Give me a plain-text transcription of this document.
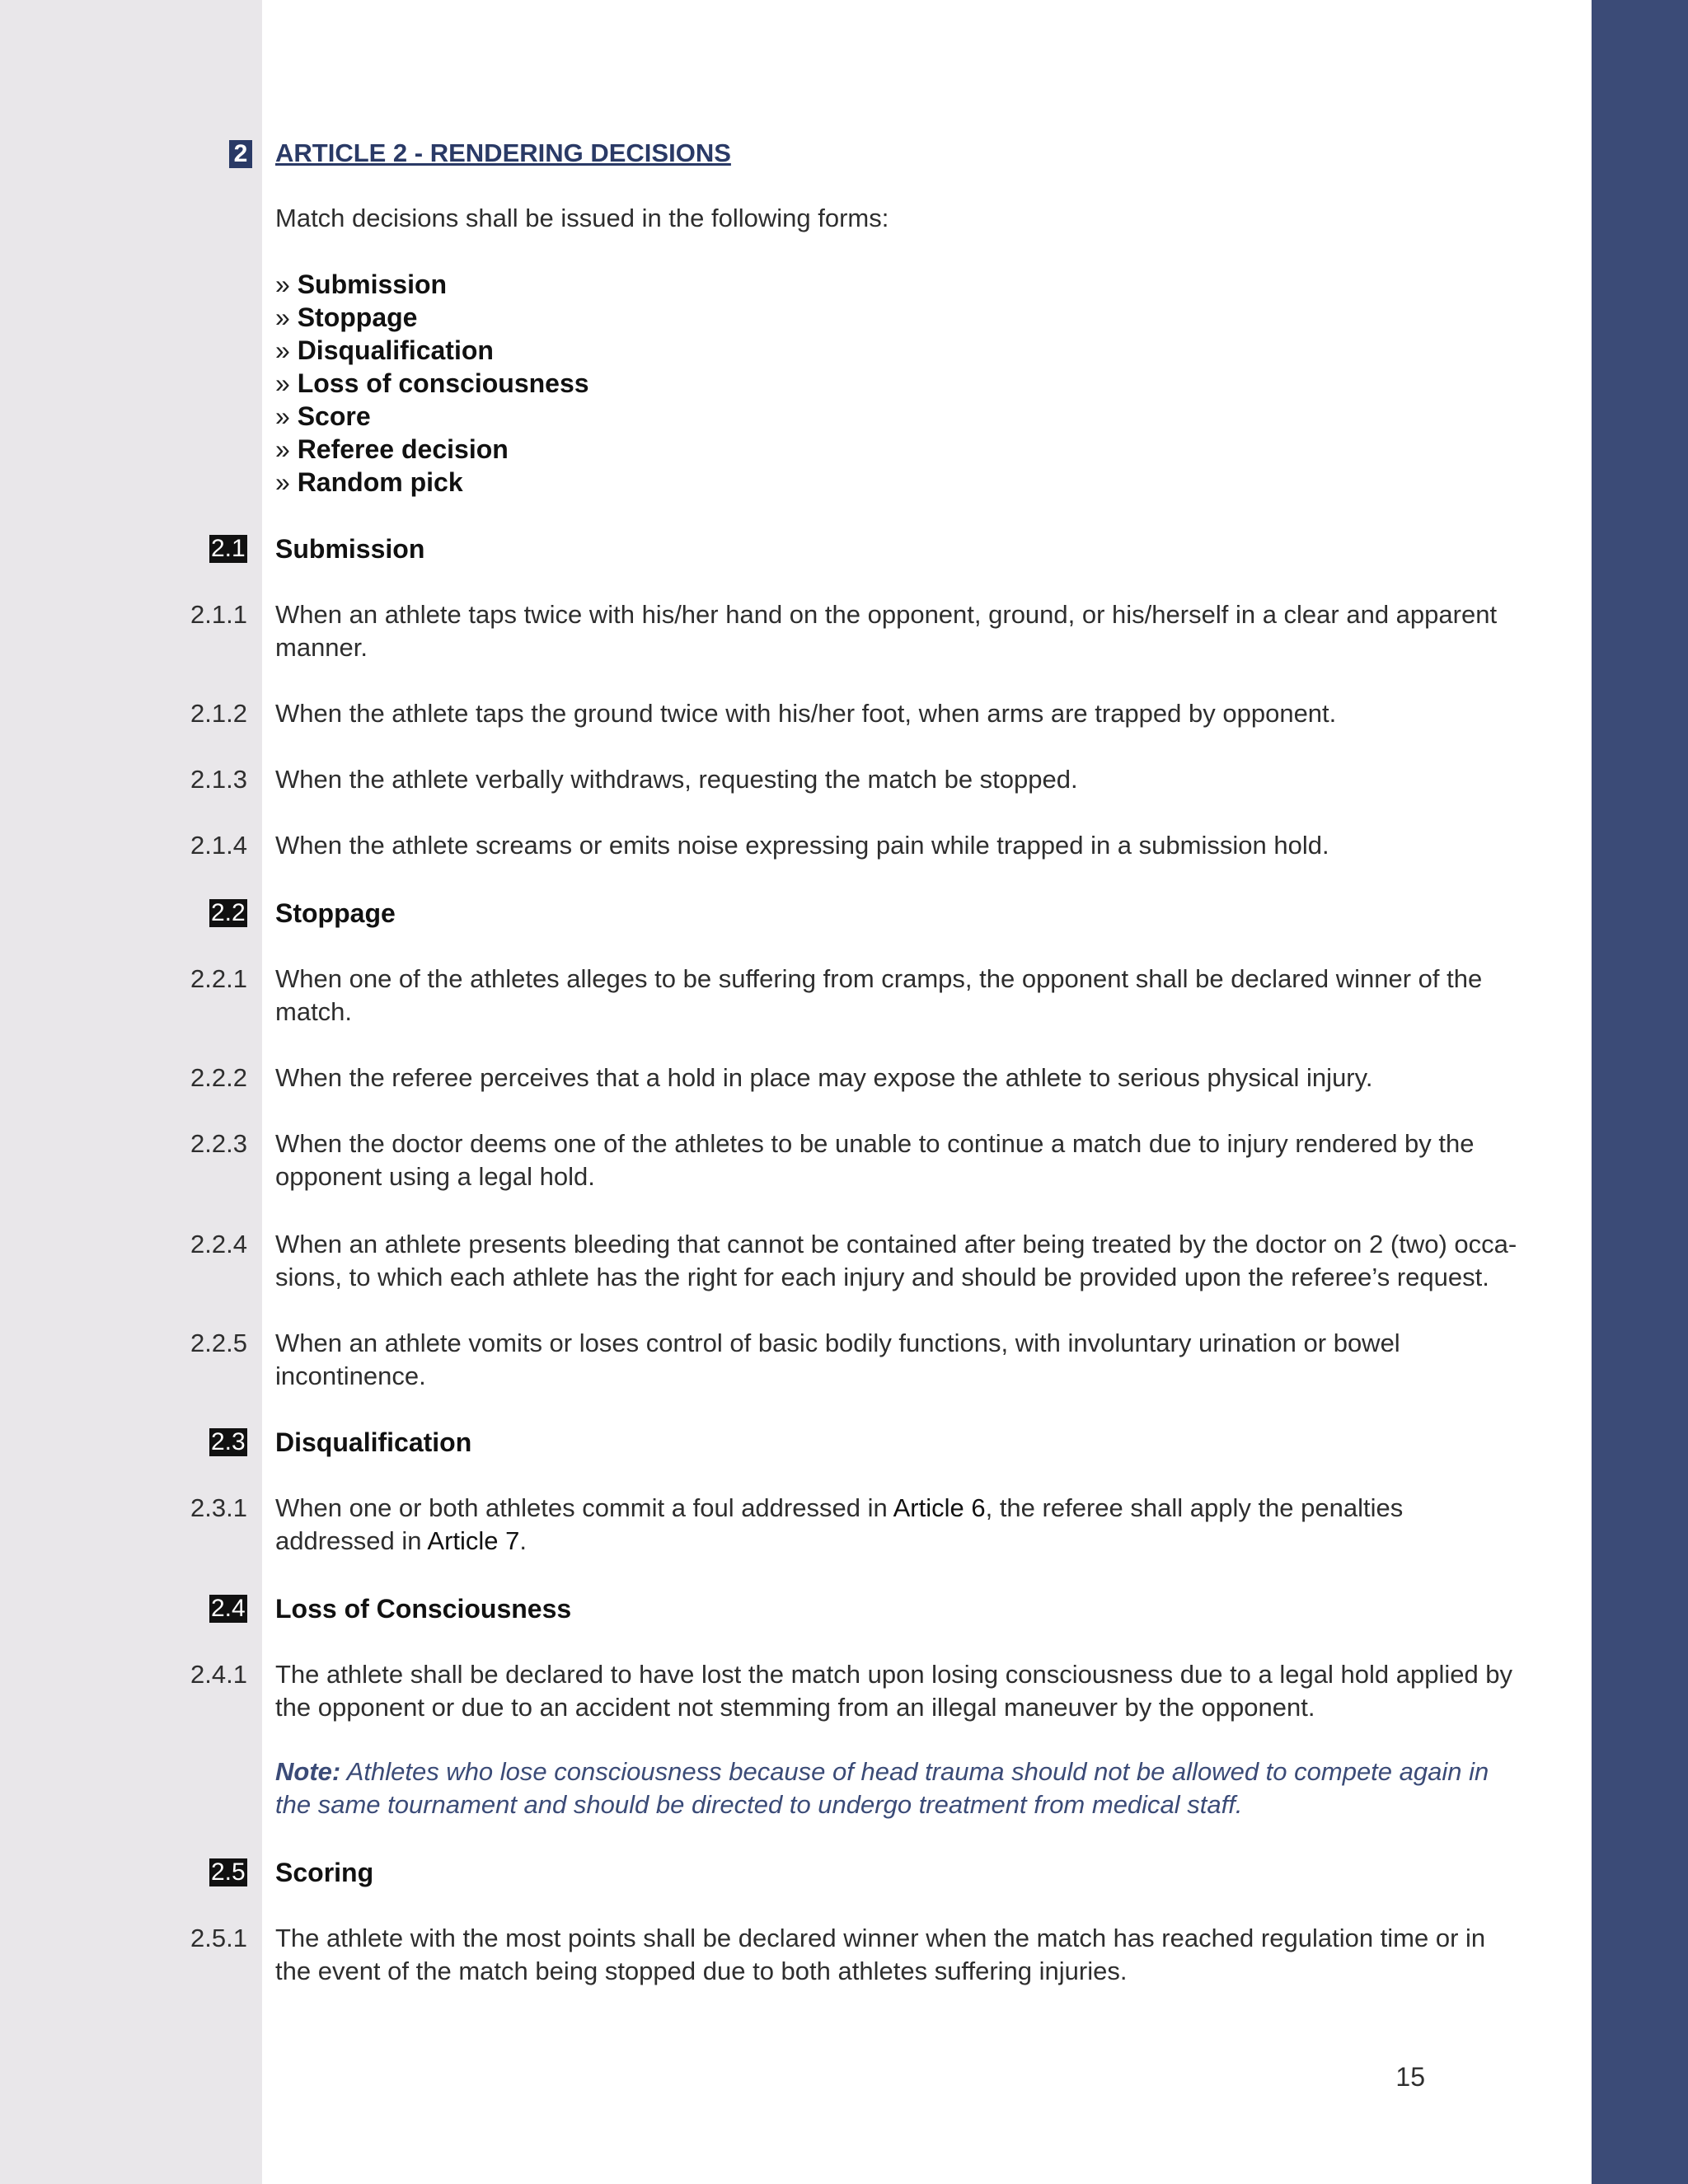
2 ARTICLE 2 - RENDERING DECISIONS
Match decisions shall be issued in the following forms:
» Submission
» Stoppage
» Disqualification
» Loss of consciousness
» Score
» Referee decision
» Random pick
2.1 Submission
2.1.1 When an athlete taps twice with his/her hand on the opponent, ground, or his/herself in a clear and apparent manner.
2.1.2 When the athlete taps the ground twice with his/her foot, when arms are trapped by opponent.
2.1.3 When the athlete verbally withdraws, requesting the match be stopped.
2.1.4 When the athlete screams or emits noise expressing pain while trapped in a submission hold.
2.2 Stoppage
2.2.1 When one of the athletes alleges to be suffering from cramps, the opponent shall be declared winner of the match.
2.2.2 When the referee perceives that a hold in place may expose the athlete to serious physical injury.
2.2.3 When the doctor deems one of the athletes to be unable to continue a match due to injury rendered by the opponent using a legal hold.
2.2.4 When an athlete presents bleeding that cannot be contained after being treated by the doctor on 2 (two) occa-sions, to which each athlete has the right for each injury and should be provided upon the referee’s request.
2.2.5 When an athlete vomits or loses control of basic bodily functions, with involuntary urination or bowel incontinence.
2.3 Disqualification
2.3.1 When one or both athletes commit a foul addressed in Article 6, the referee shall apply the penalties addressed in Article 7.
2.4 Loss of Consciousness
2.4.1 The athlete shall be declared to have lost the match upon losing consciousness due to a legal hold applied by the opponent or due to an accident not stemming from an illegal maneuver by the opponent.
Note: Athletes who lose consciousness because of head trauma should not be allowed to compete again in the same tournament and should be directed to undergo treatment from medical staff.
2.5 Scoring
2.5.1 The athlete with the most points shall be declared winner when the match has reached regulation time or in the event of the match being stopped due to both athletes suffering injuries.
15
